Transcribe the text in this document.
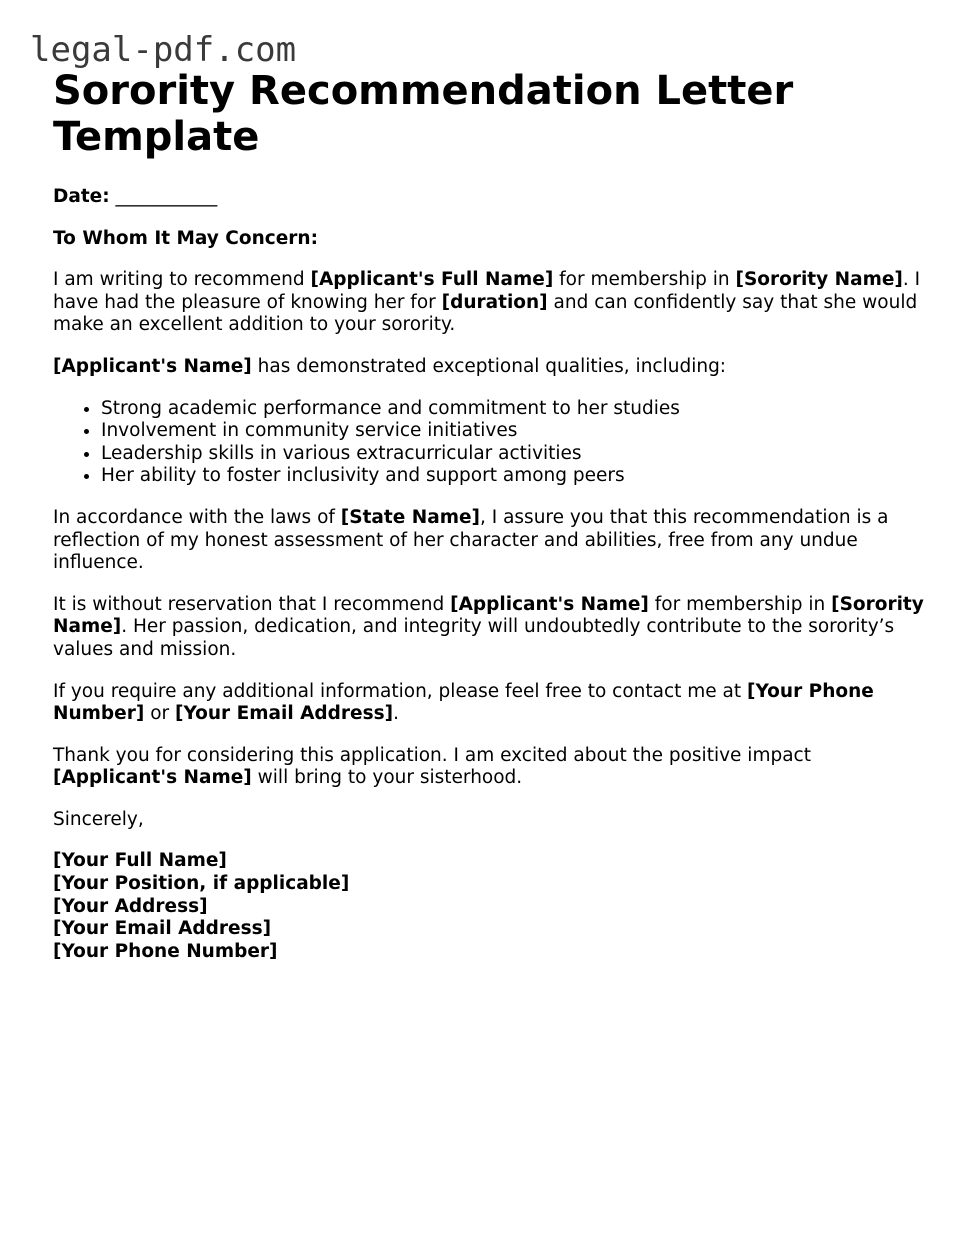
legal-pdf.com
Sorority Recommendation Letter Template

Date: ___________

To Whom It May Concern:

I am writing to recommend [Applicant's Full Name] for membership in [Sorority Name]. I have had the pleasure of knowing her for [duration] and can confidently say that she would make an excellent addition to your sorority.

[Applicant's Name] has demonstrated exceptional qualities, including:

• Strong academic performance and commitment to her studies
• Involvement in community service initiatives
• Leadership skills in various extracurricular activities
• Her ability to foster inclusivity and support among peers

In accordance with the laws of [State Name], I assure you that this recommendation is a reflection of my honest assessment of her character and abilities, free from any undue influence.

It is without reservation that I recommend [Applicant's Name] for membership in [Sorority Name]. Her passion, dedication, and integrity will undoubtedly contribute to the sorority’s values and mission.

If you require any additional information, please feel free to contact me at [Your Phone Number] or [Your Email Address].

Thank you for considering this application. I am excited about the positive impact [Applicant's Name] will bring to your sisterhood.

Sincerely,

[Your Full Name]
[Your Position, if applicable]
[Your Address]
[Your Email Address]
[Your Phone Number]
